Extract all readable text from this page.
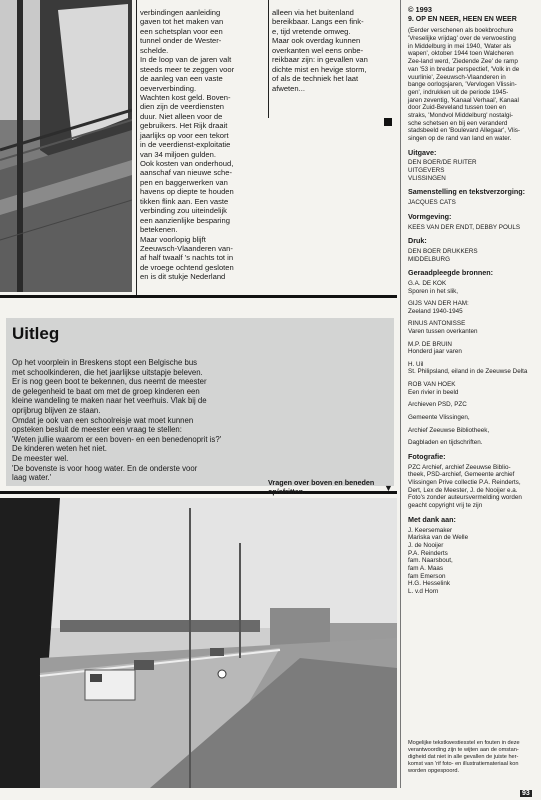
verbindingen aanleiding
gaven tot het maken van
een schetsplan voor een
tunnel onder de Wester-
schelde.
In de loop van de jaren valt
steeds meer te zeggen voor
de aanleg van een vaste
oeververbinding.
Wachten kost geld. Boven-
dien zijn de veerdiensten
duur. Niet alleen voor de
gebruikers. Het Rijk draait
jaarlijks op voor een tekort
in de veerdienst-exploitatie
van 34 miljoen gulden.
Ook kosten van onderhoud,
aanschaf van nieuwe sche-
pen en baggerwerken van
havens op diepte te houden
tikken flink aan. Een vaste
verbinding zou uiteindelijk
een aanzienlijke besparing
betekenen.
Maar voorlopig blijft
Zeeuwsch-Vlaanderen van-
af half twaalf 's nachts tot in
de vroege ochtend gesloten
en is dit stukje Nederland
alleen via het buitenland
bereikbaar. Langs een fink-
e, tijd vretende omweg.
Maar ook overdag kunnen
overkanten wel eens onbe-
reikbaar zijn: in gevallen van
dichte mist en hevige storm,
of als de techniek het laat
afweten...
Uitleg
Op het voorplein in Breskens stopt een Belgische bus
met schoolkinderen, die het jaarlijkse uitstapje beleven.
Er is nog geen boot te bekennen, dus neemt de meester
de gelegenheid te baat om met de groep kinderen een
kleine wandeling te maken naar het veerhuis. Vlak bij de
oprijbrug blijven ze staan.
Omdat je ook van een schoolreisje wat moet kunnen
opsteken besluit de meester een vraag te stellen:
'Weten jullie waarom er een boven- en een benedenoprit is?'
De kinderen weten het niet.
De meester wel.
'De bovenste is voor hoog water. En de onderste voor
laag water.'
Vragen over boven en beneden
op/afritten.	▼
© 1993
9. OP EN NEER, HEEN EN WEER
(Eerder verschenen als boekbrochure
'Vreselijke vrijdag' over de verwoesting
in Middelburg in mei 1940, 'Water als
wapen', oktober 1944 toen Walcheren
Zee-land werd, 'Ziedende Zee' de ramp
van '53 in bredar perspectief, 'Volk in de
vuurlinie', Zeeuwsch-Vlaanderen in
bange oorlogsjaren, 'Vervlogen Vlissin-
gen', indrukken uit de periode 1945-
jaren zeventig, 'Kanaal Verhaal', Kanaal
door Zuid-Beveland tussen toen en
straks, 'Mondvol Middelburg' nostalgi-
sche schetsen en bij een veranderd
stadsbeeld en 'Boulevard Allegaar', Vlis-
singen op de rand van land en water.
Uitgave:
DEN BOER/DE RUITER
UITGEVERS
VLISSINGEN
Samenstelling en tekstverzorging:
JACQUES CATS
Vormgeving:
KEES VAN DER ENDT, DEBBY POULS
Druk:
DEN BOER DRUKKERS
MIDDELBURG
Geraadpleegde bronnen:
G.A. DE KOK
Sporen in het slik,
GIJS VAN DER HAM:
Zeeland 1940-1945
RINUS ANTONISSE
Varen tussen overkanten
M.P. DE BRUIN
Honderd jaar varen
H. Uil
St. Philipsland, eiland in de Zeeuwse Delta
ROB VAN HOEK
Een rivier in beeld
Archieven PSD, PZC
Gemeente Vlissingen,
Archief Zeeuwse Bibliotheek,
Dagbladen en tijdschriften.
Fotografie:
PZC Archief, archief Zeeuwse Biblio-
theek, PSD-archief, Gemeente archief
Vlissingen Prive collectie P.A. Reinderts,
Dert, Lex de Meester, J. de Nooijer e.a.
Foto's zonder auteursvermelding worden
geacht copyright vrij te zijn
Met dank aan:
J. Keersemaker
Mariska van de Welle
J. de Nooijer
P.A. Reinderts
fam. Naarsbout,
fam A. Maas
fam Emerson
H.G. Hesselink
L. v.d Horn
Mogelijke tekstkwestiesstel en fouten in deze
verantwoording zijn te wijten aan de omstan-
digheid dat niet in alle gevallen de juiste her-
komst van 'rif foto- en illustratiemateriaal kon
worden opgespoord.
93
